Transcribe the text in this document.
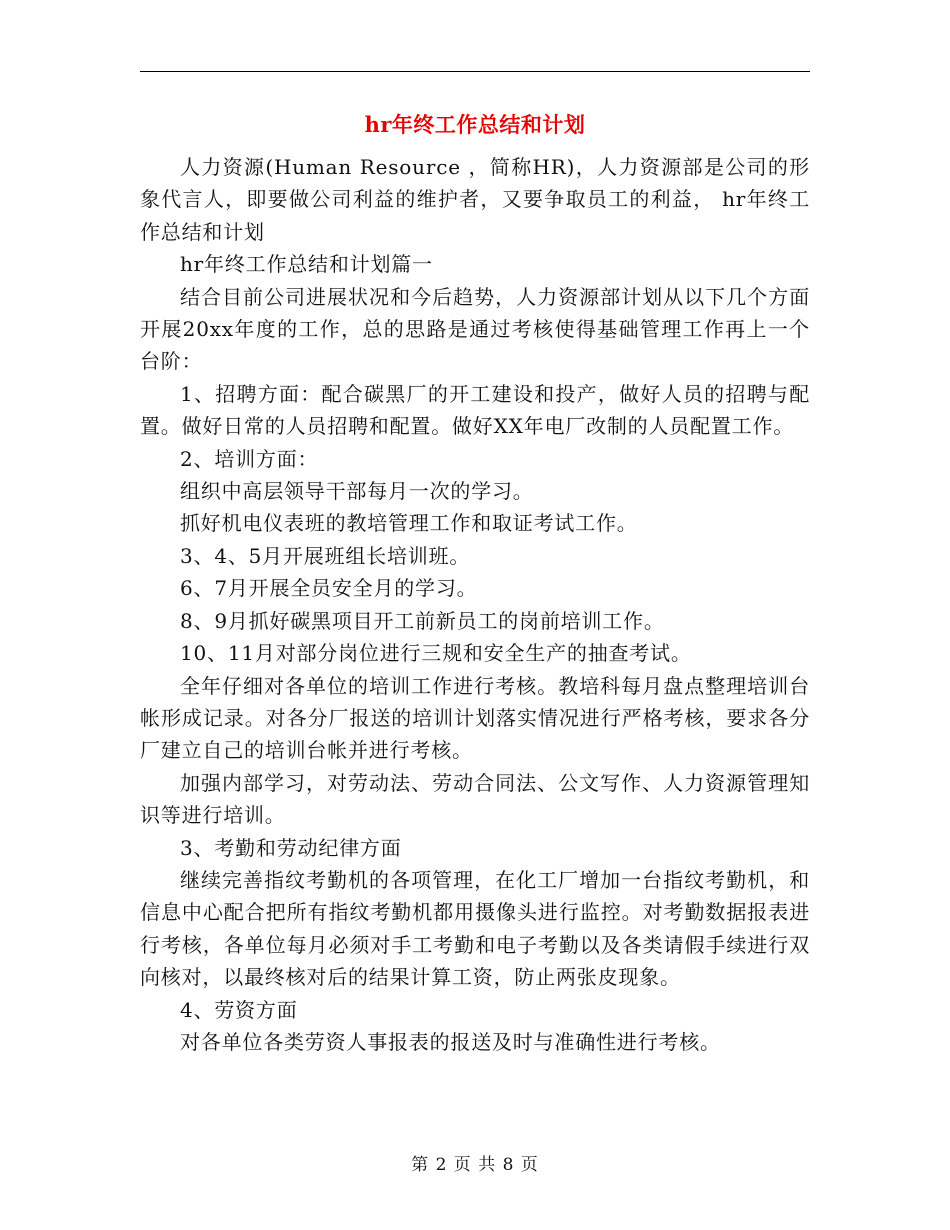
hr年终工作总结和计划

人力资源(Human Resource ，简称HR)，人力资源部是公司的形象代言人，即要做公司利益的维护者，又要争取员工的利益， hr年终工作总结和计划

hr年终工作总结和计划篇一

结合目前公司进展状况和今后趋势，人力资源部计划从以下几个方面开展20xx年度的工作，总的思路是通过考核使得基础管理工作再上一个台阶：

1、招聘方面：配合碳黑厂的开工建设和投产，做好人员的招聘与配置。做好日常的人员招聘和配置。做好XX年电厂改制的人员配置工作。

2、培训方面：

组织中高层领导干部每月一次的学习。

抓好机电仪表班的教培管理工作和取证考试工作。

3、4、5月开展班组长培训班。

6、7月开展全员安全月的学习。

8、9月抓好碳黑项目开工前新员工的岗前培训工作。

10、11月对部分岗位进行三规和安全生产的抽查考试。

全年仔细对各单位的培训工作进行考核。教培科每月盘点整理培训台帐形成记录。对各分厂报送的培训计划落实情况进行严格考核，要求各分厂建立自己的培训台帐并进行考核。

加强内部学习，对劳动法、劳动合同法、公文写作、人力资源管理知识等进行培训。

3、考勤和劳动纪律方面

继续完善指纹考勤机的各项管理，在化工厂增加一台指纹考勤机，和信息中心配合把所有指纹考勤机都用摄像头进行监控。对考勤数据报表进行考核，各单位每月必须对手工考勤和电子考勤以及各类请假手续进行双向核对，以最终核对后的结果计算工资，防止两张皮现象。

4、劳资方面

对各单位各类劳资人事报表的报送及时与准确性进行考核。

第 2 页 共 8 页
